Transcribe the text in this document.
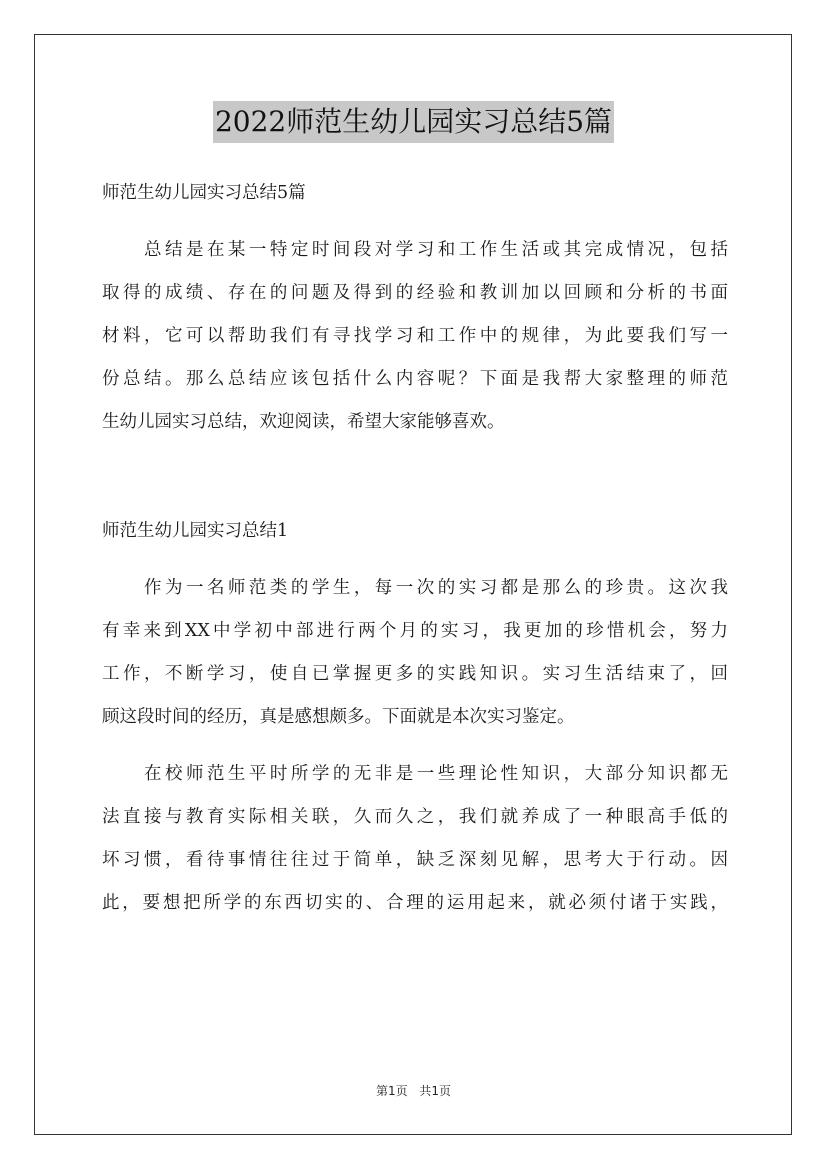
2022师范生幼儿园实习总结5篇
师范生幼儿园实习总结5篇
总结是在某一特定时间段对学习和工作生活或其完成情况，包括
取得的成绩、存在的问题及得到的经验和教训加以回顾和分析的书面
材料，它可以帮助我们有寻找学习和工作中的规律，为此要我们写一
份总结。那么总结应该包括什么内容呢？下面是我帮大家整理的师范
生幼儿园实习总结，欢迎阅读，希望大家能够喜欢。
师范生幼儿园实习总结1
作为一名师范类的学生，每一次的实习都是那么的珍贵。这次我
有幸来到XX中学初中部进行两个月的实习，我更加的珍惜机会，努力
工作，不断学习，使自已掌握更多的实践知识。实习生活结束了，回
顾这段时间的经历，真是感想颇多。下面就是本次实习鉴定。
在校师范生平时所学的无非是一些理论性知识，大部分知识都无
法直接与教育实际相关联，久而久之，我们就养成了一种眼高手低的
坏习惯，看待事情往往过于简单，缺乏深刻见解，思考大于行动。因
此，要想把所学的东西切实的、合理的运用起来，就必须付诸于实践，
第1页 共1页
